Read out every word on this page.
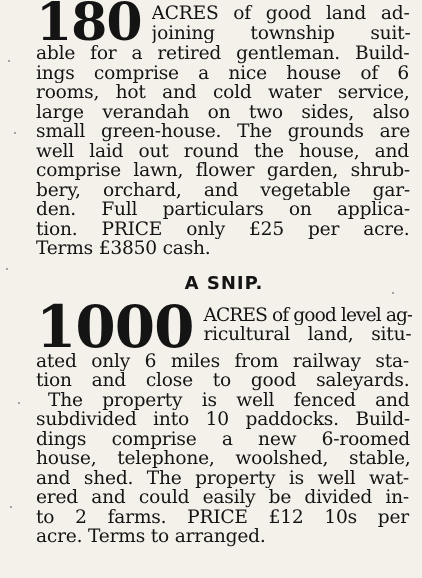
180 ACRES of good land ad-
joining township suit-
able for a retired gentleman. Build-
ings comprise a nice house of 6
rooms, hot and cold water service,
large verandah on two sides, also
small green-house. The grounds are
well laid out round the house, and
comprise lawn, flower garden, shrub-
bery, orchard, and vegetable gar-
den. Full particulars on applica-
tion. PRICE only £25 per acre.
Terms £3850 cash.
A SNIP.
1000 ACRES of good level ag-
ricultural land, situ-
ated only 6 miles from railway sta-
tion and close to good saleyards.
The property is well fenced and
subdivided into 10 paddocks. Build-
dings comprise a new 6-roomed
house, telephone, woolshed, stable,
and shed. The property is well wat-
ered and could easily be divided in-
to 2 farms. PRICE £12 10s per
acre. Terms to arranged.
